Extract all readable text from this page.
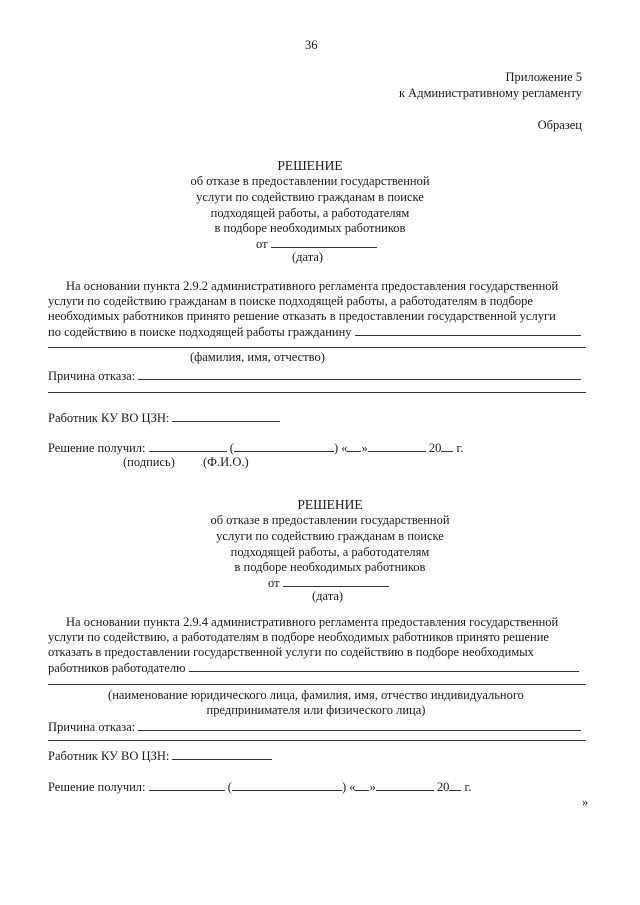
36
Приложение 5
к Административному регламенту
Образец
РЕШЕНИЕ
об отказе в предоставлении государственной
услуги по содействию гражданам в поиске
подходящей работы, а работодателям
в подборе необходимых работников
от
(дата)
На основании пункта 2.9.2 административного регламента предоставления государственной
услуги по содействию гражданам в поиске подходящей работы, а работодателям в подборе
необходимых работников принято решение отказать в предоставлении государственной услуги
по содействию в поиске подходящей работы гражданину
(фамилия, имя, отчество)
Причина отказа:
Работник КУ ВО ЦЗН:
Решение получил:	(	) « »	20 г.
(подпись) (Ф.И.О.)
РЕШЕНИЕ
об отказе в предоставлении государственной
услуги по содействию гражданам в поиске
подходящей работы, а работодателям
в подборе необходимых работников
от
(дата)
На основании пункта 2.9.4 административного регламента предоставления государственной
услуги по содействию, а работодателям в подборе необходимых работников принято решение
отказать в предоставлении государственной услуги по содействию в подборе необходимых
работников работодателю
(наименование юридического лица, фамилия, имя, отчество индивидуального
предпринимателя или физического лица)
Причина отказа:
Работник КУ ВО ЦЗН:
Решение получил:	(	) « »	20 г.
»
